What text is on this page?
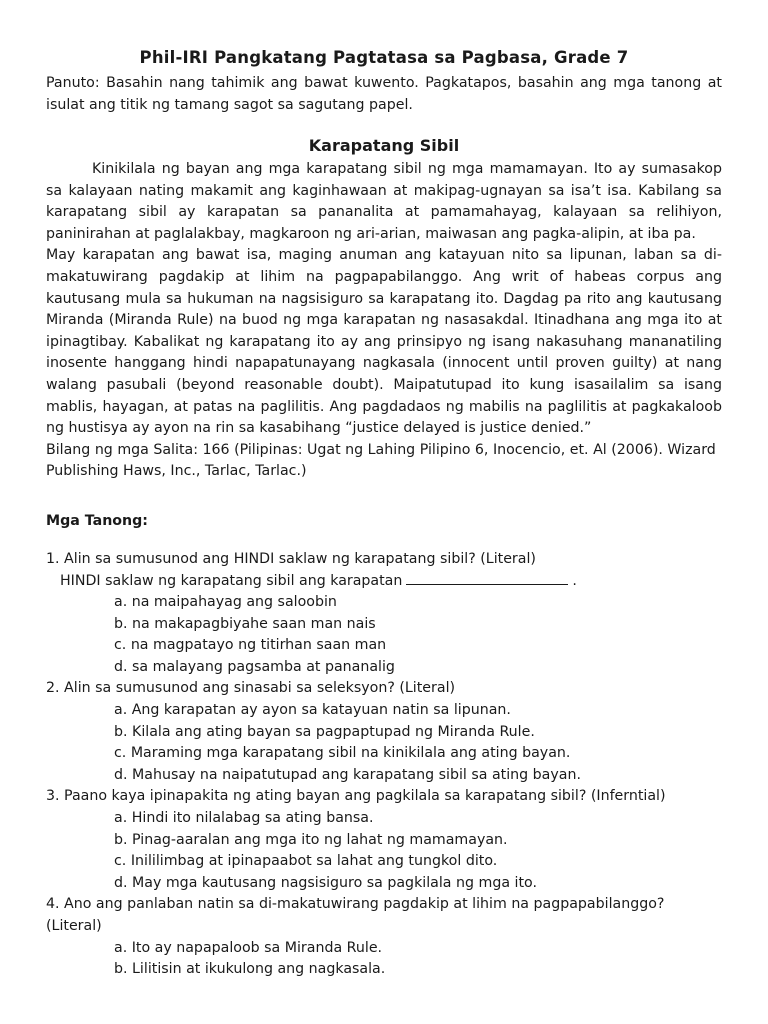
Phil-IRI Pangkatang Pagtatasa sa Pagbasa, Grade 7

Panuto: Basahin nang tahimik ang bawat kuwento. Pagkatapos, basahin ang mga tanong at isulat ang titik ng tamang sagot sa sagutang papel.

Karapatang Sibil

Kinikilala ng bayan ang mga karapatang sibil ng mga mamamayan. Ito ay sumasakop sa kalayaan nating makamit ang kaginhawaan at makipag-ugnayan sa isa’t isa. Kabilang sa karapatang sibil ay karapatan sa pananalita at pamamahayag, kalayaan sa relihiyon, paninirahan at paglalakbay, magkaroon ng ari-arian, maiwasan ang pagka-alipin, at iba pa.

May karapatan ang bawat isa, maging anuman ang katayuan nito sa lipunan, laban sa di-makatuwirang pagdakip at lihim na pagpapabilanggo. Ang writ of habeas corpus ang kautusang mula sa hukuman na nagsisiguro sa karapatang ito. Dagdag pa rito ang kautusang Miranda (Miranda Rule) na buod ng mga karapatan ng nasasakdal. Itinadhana ang mga ito at ipinagtibay. Kabalikat ng karapatang ito ay ang prinsipyo ng isang nakasuhang mananatiling inosente hanggang hindi napapatunayang nagkasala (innocent until proven guilty) at nang walang pasubali (beyond reasonable doubt). Maipatutupad ito kung isasailalim sa isang mablis, hayagan, at patas na paglilitis. Ang pagdadaos ng mabilis na paglilitis at pagkakaloob ng hustisya ay ayon na rin sa kasabihang “justice delayed is justice denied.”

Bilang ng mga Salita: 166 (Pilipinas: Ugat ng Lahing Pilipino 6, Inocencio, et. Al (2006). Wizard Publishing Haws, Inc., Tarlac, Tarlac.)

Mga Tanong:

1. Alin sa sumusunod ang HINDI saklaw ng karapatang sibil? (Literal)
HINDI saklaw ng karapatang sibil ang karapatan	.
a. na maipahayag ang saloobin
b. na makapagbiyahe saan man nais
c. na magpatayo ng titirhan saan man
d. sa malayang pagsamba at pananalig
2. Alin sa sumusunod ang sinasabi sa seleksyon? (Literal)
a. Ang karapatan ay ayon sa katayuan natin sa lipunan.
b. Kilala ang ating bayan sa pagpaptupad ng Miranda Rule.
c. Maraming mga karapatang sibil na kinikilala ang ating bayan.
d. Mahusay na naipatutupad ang karapatang sibil sa ating bayan.
3. Paano kaya ipinapakita ng ating bayan ang pagkilala sa karapatang sibil? (Inferntial)
a. Hindi ito nilalabag sa ating bansa.
b. Pinag-aaralan ang mga ito ng lahat ng mamamayan.
c. Inililimbag at ipinapaabot sa lahat ang tungkol dito.
d. May mga kautusang nagsisiguro sa pagkilala ng mga ito.
4. Ano ang panlaban natin sa di-makatuwirang pagdakip at lihim na pagpapabilanggo? (Literal)
a. Ito ay napapaloob sa Miranda Rule.
b. Lilitisin at ikukulong ang nagkasala.
